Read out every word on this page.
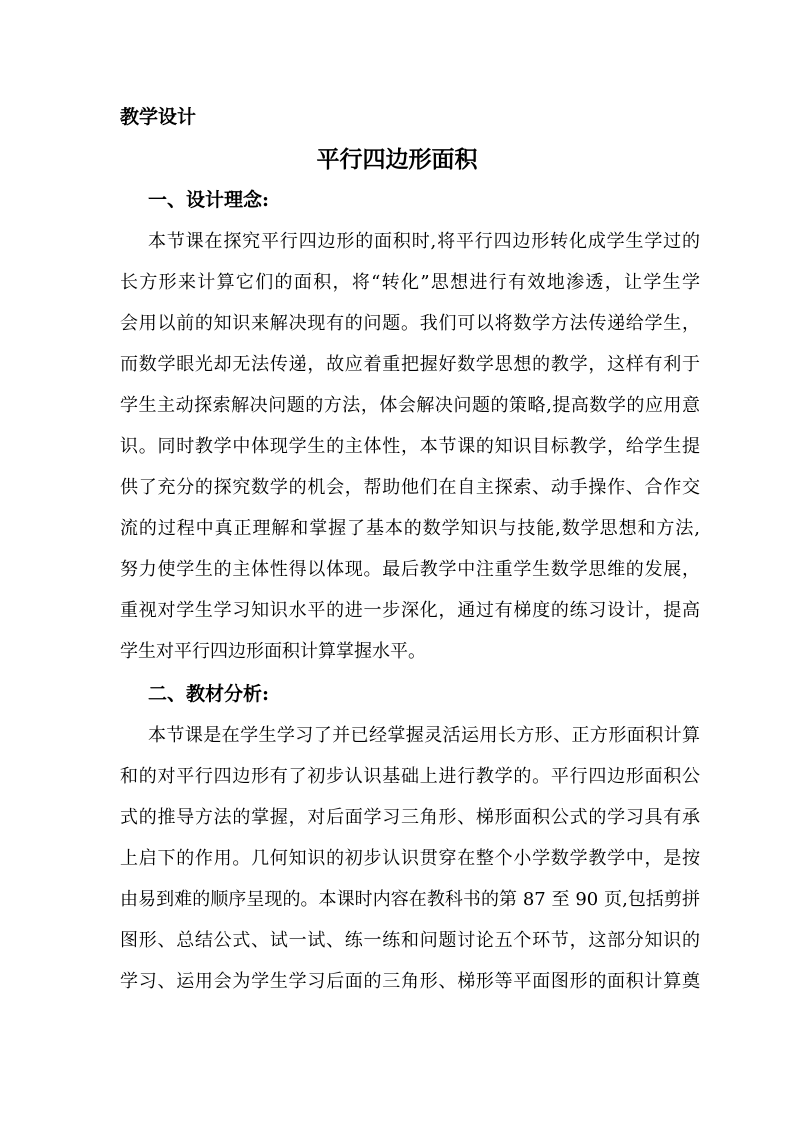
教学设计

平行四边形面积
一、设计理念:

本节课在探究平行四边形的面积时,将平行四边形转化成学生学过的

长方形来计算它们的面积，将“转化”思想进行有效地渗透，让学生学

会用以前的知识来解决现有的问题。我们可以将数学方法传递给学生，

而数学眼光却无法传递，故应着重把握好数学思想的教学，这样有利于

学生主动探索解决问题的方法，体会解决问题的策略,提高数学的应用意

识。同时教学中体现学生的主体性，本节课的知识目标教学，给学生提

供了充分的探究数学的机会，帮助他们在自主探索、动手操作、合作交

流的过程中真正理解和掌握了基本的数学知识与技能,数学思想和方法,

努力使学生的主体性得以体现。最后教学中注重学生数学思维的发展，

重视对学生学习知识水平的进一步深化，通过有梯度的练习设计，提高

学生对平行四边形面积计算掌握水平。

二、教材分析:

本节课是在学生学习了并已经掌握灵活运用长方形、正方形面积计算

和的对平行四边形有了初步认识基础上进行教学的。平行四边形面积公

式的推导方法的掌握，对后面学习三角形、梯形面积公式的学习具有承

上启下的作用。几何知识的初步认识贯穿在整个小学数学教学中，是按

由易到难的顺序呈现的。本课时内容在教科书的第 87 至 90 页,包括剪拼

图形、总结公式、试一试、练一练和问题讨论五个环节，这部分知识的

学习、运用会为学生学习后面的三角形、梯形等平面图形的面积计算奠
